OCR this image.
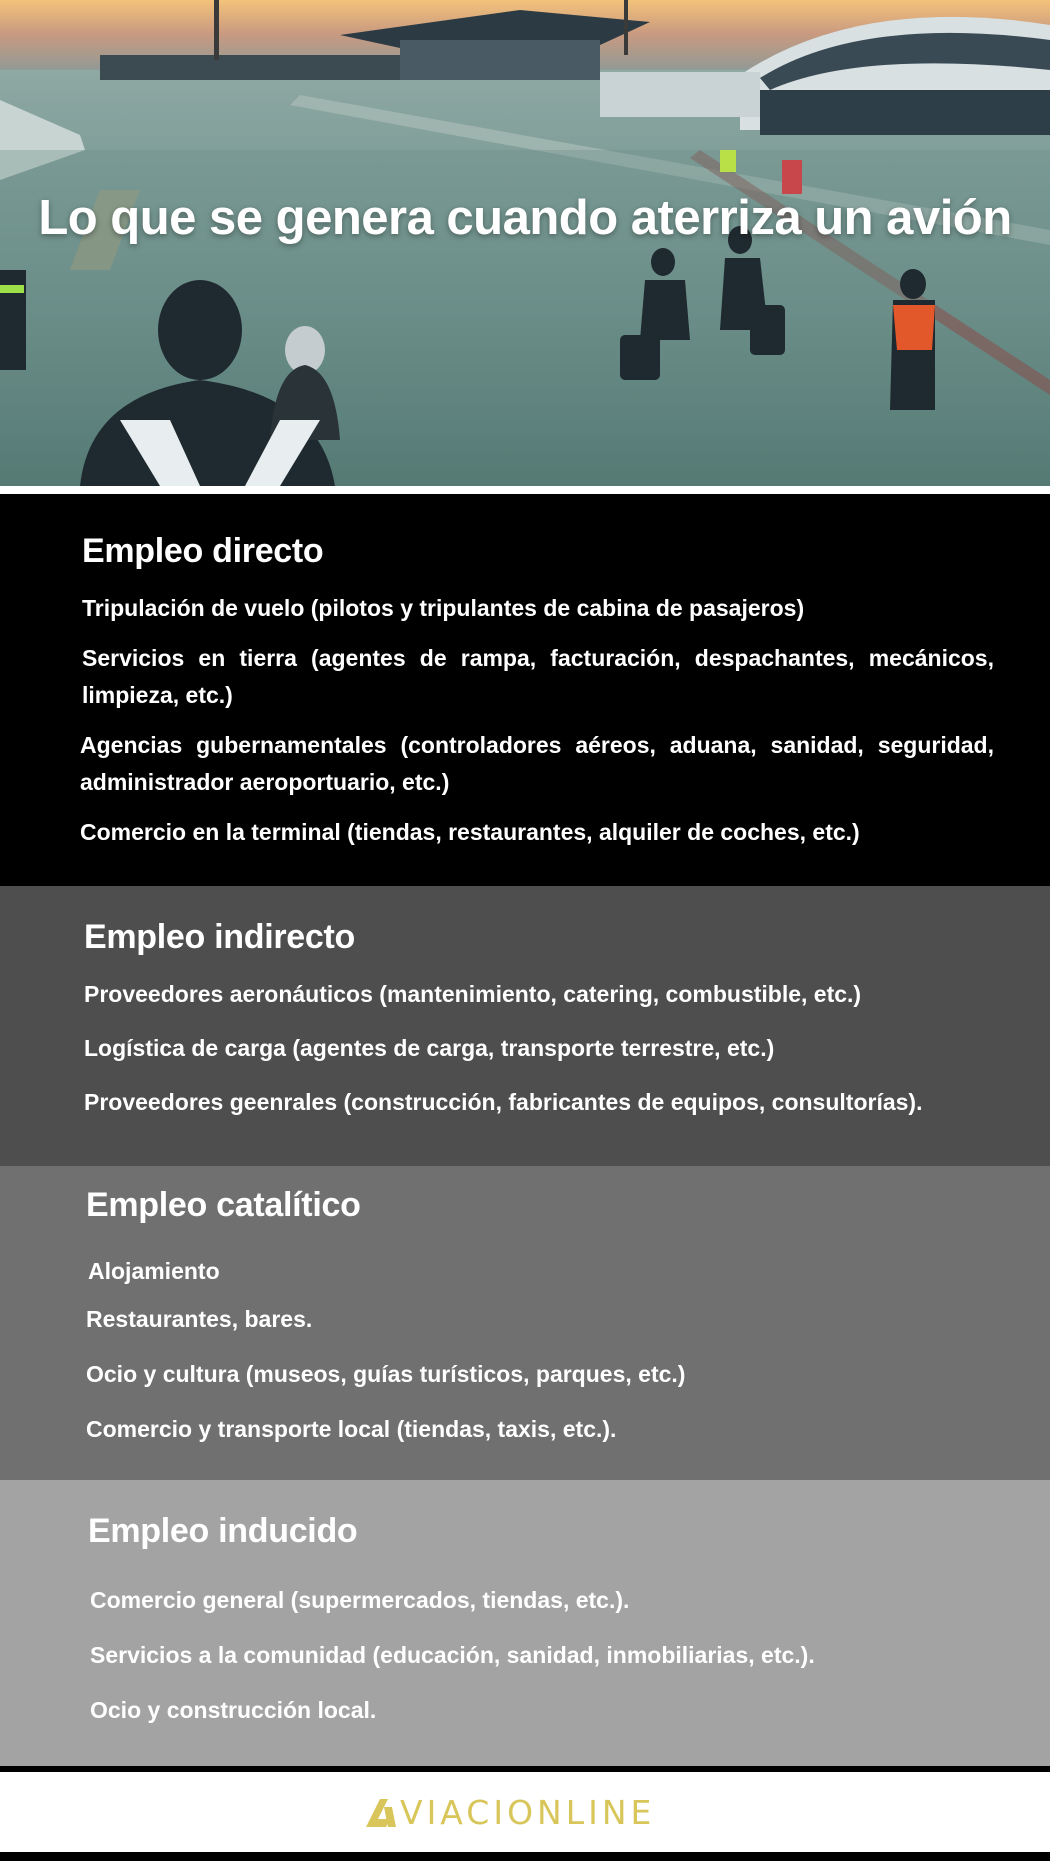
Lo que se genera cuando aterriza un avión
Empleo directo
Tripulación de vuelo (pilotos y tripulantes de cabina de pasajeros)
Servicios en tierra (agentes de rampa, facturación, despachantes, mecánicos, limpieza, etc.)
Agencias gubernamentales (controladores aéreos, aduana, sanidad, seguridad, administrador aeroportuario, etc.)
Comercio en la terminal (tiendas, restaurantes, alquiler de coches, etc.)
Empleo indirecto
Proveedores aeronáuticos (mantenimiento, catering, combustible, etc.)
Logística de carga (agentes de carga, transporte terrestre, etc.)
Proveedores geenrales (construcción, fabricantes de equipos, consultorías).
Empleo catalítico
Alojamiento
Restaurantes, bares.
Ocio y cultura (museos, guías turísticos, parques, etc.)
Comercio y transporte local (tiendas, taxis, etc.).
Empleo inducido
Comercio general (supermercados, tiendas, etc.).
Servicios a la comunidad (educación, sanidad, inmobiliarias, etc.).
Ocio y construcción local.
VIACIONLINE
